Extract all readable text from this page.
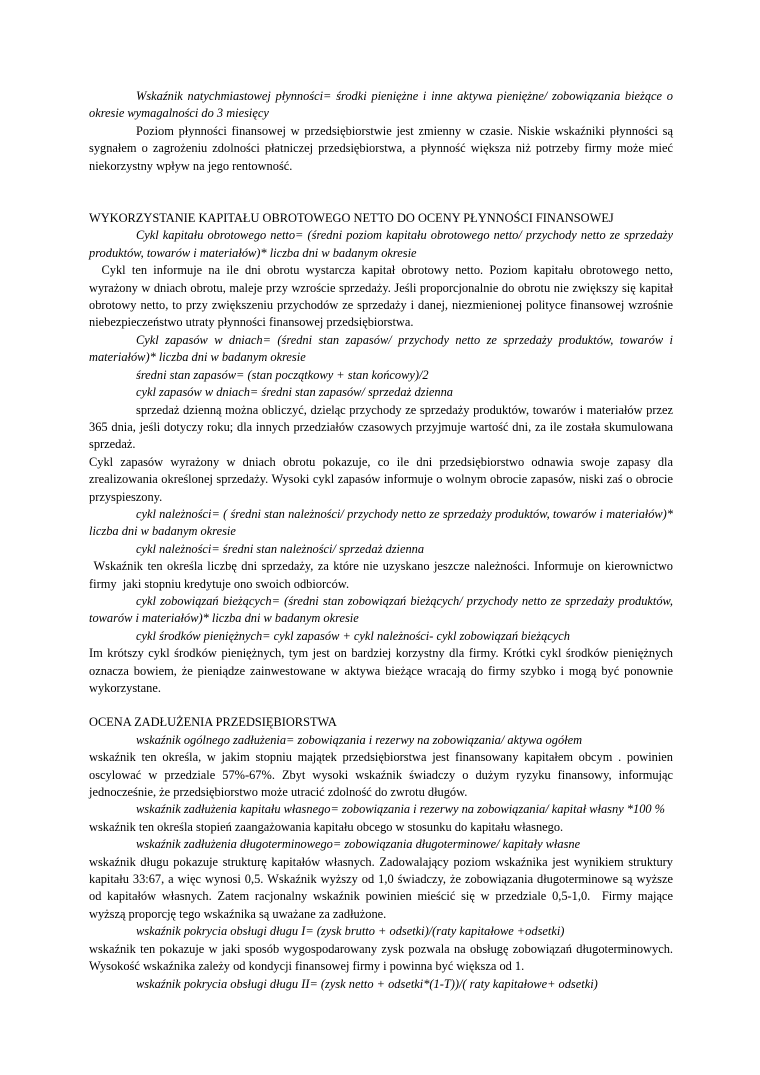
Wskaźnik natychmiastowej płynności= środki pieniężne i inne aktywa pieniężne/ zobowiązania bieżące o okresie wymagalności do 3 miesięcy

Poziom płynności finansowej w przedsiębiorstwie jest zmienny w czasie. Niskie wskaźniki płynności są sygnałem o zagrożeniu zdolności płatniczej przedsiębiorstwa, a płynność większa niż potrzeby firmy może mieć niekorzystny wpływ na jego rentowność.

WYKORZYSTANIE KAPITAŁU OBROTOWEGO NETTO DO OCENY PŁYNNOŚCI FINANSOWEJ

Cykl kapitału obrotowego netto= (średni poziom kapitału obrotowego netto/ przychody netto ze sprzedaży produktów, towarów i materiałów)* liczba dni w badanym okresie

Cykl ten informuje na ile dni obrotu wystarcza kapitał obrotowy netto. Poziom kapitału obrotowego netto, wyrażony w dniach obrotu, maleje przy wzroście sprzedaży. Jeśli proporcjonalnie do obrotu nie zwiększy się kapitał obrotowy netto, to przy zwiększeniu przychodów ze sprzedaży i danej, niezmienionej polityce finansowej wzrośnie niebezpieczeństwo utraty płynności finansowej przedsiębiorstwa.

Cykl zapasów w dniach= (średni stan zapasów/ przychody netto ze sprzedaży produktów, towarów i materiałów)* liczba dni w badanym okresie

średni stan zapasów= (stan początkowy + stan końcowy)/2

cykl zapasów w dniach= średni stan zapasów/ sprzedaż dzienna

sprzedaż dzienną można obliczyć, dzieląc przychody ze sprzedaży produktów, towarów i materiałów przez 365 dnia, jeśli dotyczy roku; dla innych przedziałów czasowych przyjmuje wartość dni, za ile została skumulowana sprzedaż.

Cykl zapasów wyrażony w dniach obrotu pokazuje, co ile dni przedsiębiorstwo odnawia swoje zapasy dla zrealizowania określonej sprzedaży. Wysoki cykl zapasów informuje o wolnym obrocie zapasów, niski zaś o obrocie przyspieszony.

cykl należności= ( średni stan należności/ przychody netto ze sprzedaży produktów, towarów i materiałów)* liczba dni w badanym okresie

cykl należności= średni stan należności/ sprzedaż dzienna

Wskaźnik ten określa liczbę dni sprzedaży, za które nie uzyskano jeszcze należności. Informuje on kierownictwo firmy  jaki stopniu kredytuje ono swoich odbiorców.

cykl zobowiązań bieżących= (średni stan zobowiązań bieżących/ przychody netto ze sprzedaży produktów, towarów i materiałów)* liczba dni w badanym okresie

cykl środków pieniężnych= cykl zapasów + cykl należności- cykl zobowiązań bieżących

Im krótszy cykl środków pieniężnych, tym jest on bardziej korzystny dla firmy. Krótki cykl środków pieniężnych oznacza bowiem, że pieniądze zainwestowane w aktywa bieżące wracają do firmy szybko i mogą być ponownie wykorzystane.

OCENA ZADŁUŻENIA PRZEDSIĘBIORSTWA

wskaźnik ogólnego zadłużenia= zobowiązania i rezerwy na zobowiązania/ aktywa ogółem

wskaźnik ten określa, w jakim stopniu majątek przedsiębiorstwa jest finansowany kapitałem obcym . powinien oscylować w przedziale 57%-67%. Zbyt wysoki wskaźnik świadczy o dużym ryzyku finansowy, informując jednocześnie, że przedsiębiorstwo może utracić zdolność do zwrotu długów.

wskaźnik zadłużenia kapitału własnego= zobowiązania i rezerwy na zobowiązania/ kapitał własny *100 %

wskaźnik ten określa stopień zaangażowania kapitału obcego w stosunku do kapitału własnego.

wskaźnik zadłużenia długoterminowego= zobowiązania długoterminowe/ kapitały własne

wskaźnik długu pokazuje strukturę kapitałów własnych. Zadowalający poziom wskaźnika jest wynikiem struktury kapitału 33:67, a więc wynosi 0,5. Wskaźnik wyższy od 1,0 świadczy, że zobowiązania długoterminowe są wyższe od kapitałów własnych. Zatem racjonalny wskaźnik powinien mieścić się w przedziale 0,5-1,0.  Firmy mające wyższą proporcję tego wskaźnika są uważane za zadłużone.

wskaźnik pokrycia obsługi długu I= (zysk brutto + odsetki)/(raty kapitałowe +odsetki)

wskaźnik ten pokazuje w jaki sposób wygospodarowany zysk pozwala na obsługę zobowiązań długoterminowych. Wysokość wskaźnika zależy od kondycji finansowej firmy i powinna być większa od 1.

wskaźnik pokrycia obsługi długu II= (zysk netto + odsetki*(1-T))/( raty kapitałowe+ odsetki)
